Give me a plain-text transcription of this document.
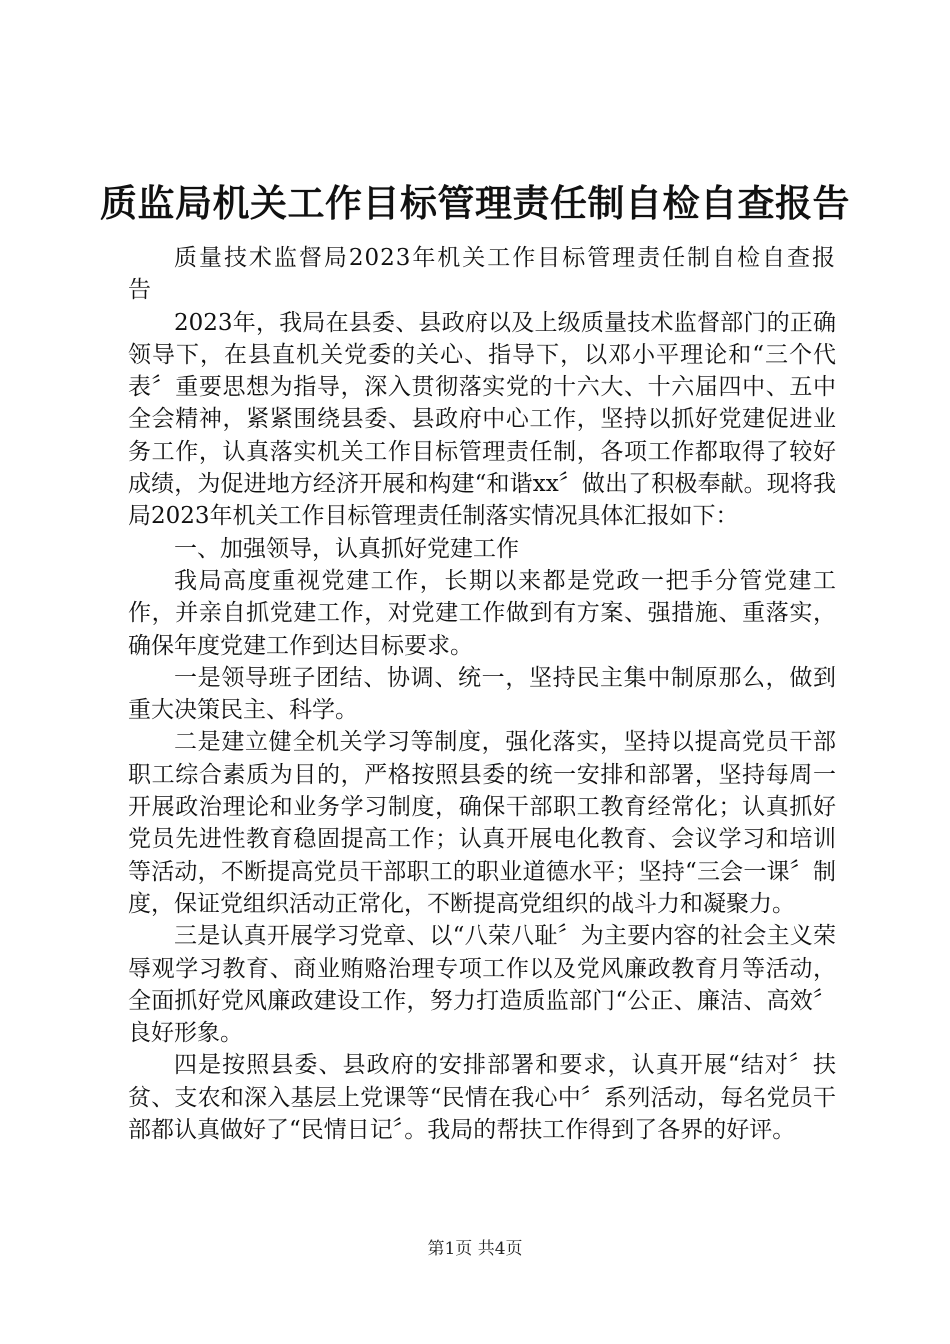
质监局机关工作目标管理责任制自检自查报告

质量技术监督局2023年机关工作目标管理责任制自检自查报告

2023年，我局在县委、县政府以及上级质量技术监督部门的正确领导下，在县直机关党委的关心、指导下，以邓小平理论和“三个代表〞重要思想为指导，深入贯彻落实党的十六大、十六届四中、五中全会精神，紧紧围绕县委、县政府中心工作，坚持以抓好党建促进业务工作，认真落实机关工作目标管理责任制，各项工作都取得了较好成绩，为促进地方经济开展和构建“和谐xx〞做出了积极奉献。现将我局2023年机关工作目标管理责任制落实情况具体汇报如下：

一、加强领导，认真抓好党建工作

我局高度重视党建工作，长期以来都是党政一把手分管党建工作，并亲自抓党建工作，对党建工作做到有方案、强措施、重落实，确保年度党建工作到达目标要求。

一是领导班子团结、协调、统一，坚持民主集中制原那么，做到重大决策民主、科学。

二是建立健全机关学习等制度，强化落实，坚持以提高党员干部职工综合素质为目的，严格按照县委的统一安排和部署，坚持每周一开展政治理论和业务学习制度，确保干部职工教育经常化；认真抓好党员先进性教育稳固提高工作；认真开展电化教育、会议学习和培训等活动，不断提高党员干部职工的职业道德水平；坚持“三会一课〞制度，保证党组织活动正常化，不断提高党组织的战斗力和凝聚力。

三是认真开展学习党章、以“八荣八耻〞为主要内容的社会主义荣辱观学习教育、商业贿赂治理专项工作以及党风廉政教育月等活动，全面抓好党风廉政建设工作，努力打造质监部门“公正、廉洁、高效〞良好形象。

四是按照县委、县政府的安排部署和要求，认真开展“结对〞扶贫、支农和深入基层上党课等“民情在我心中〞系列活动，每名党员干部都认真做好了“民情日记〞。我局的帮扶工作得到了各界的好评。

第1页 共4页
